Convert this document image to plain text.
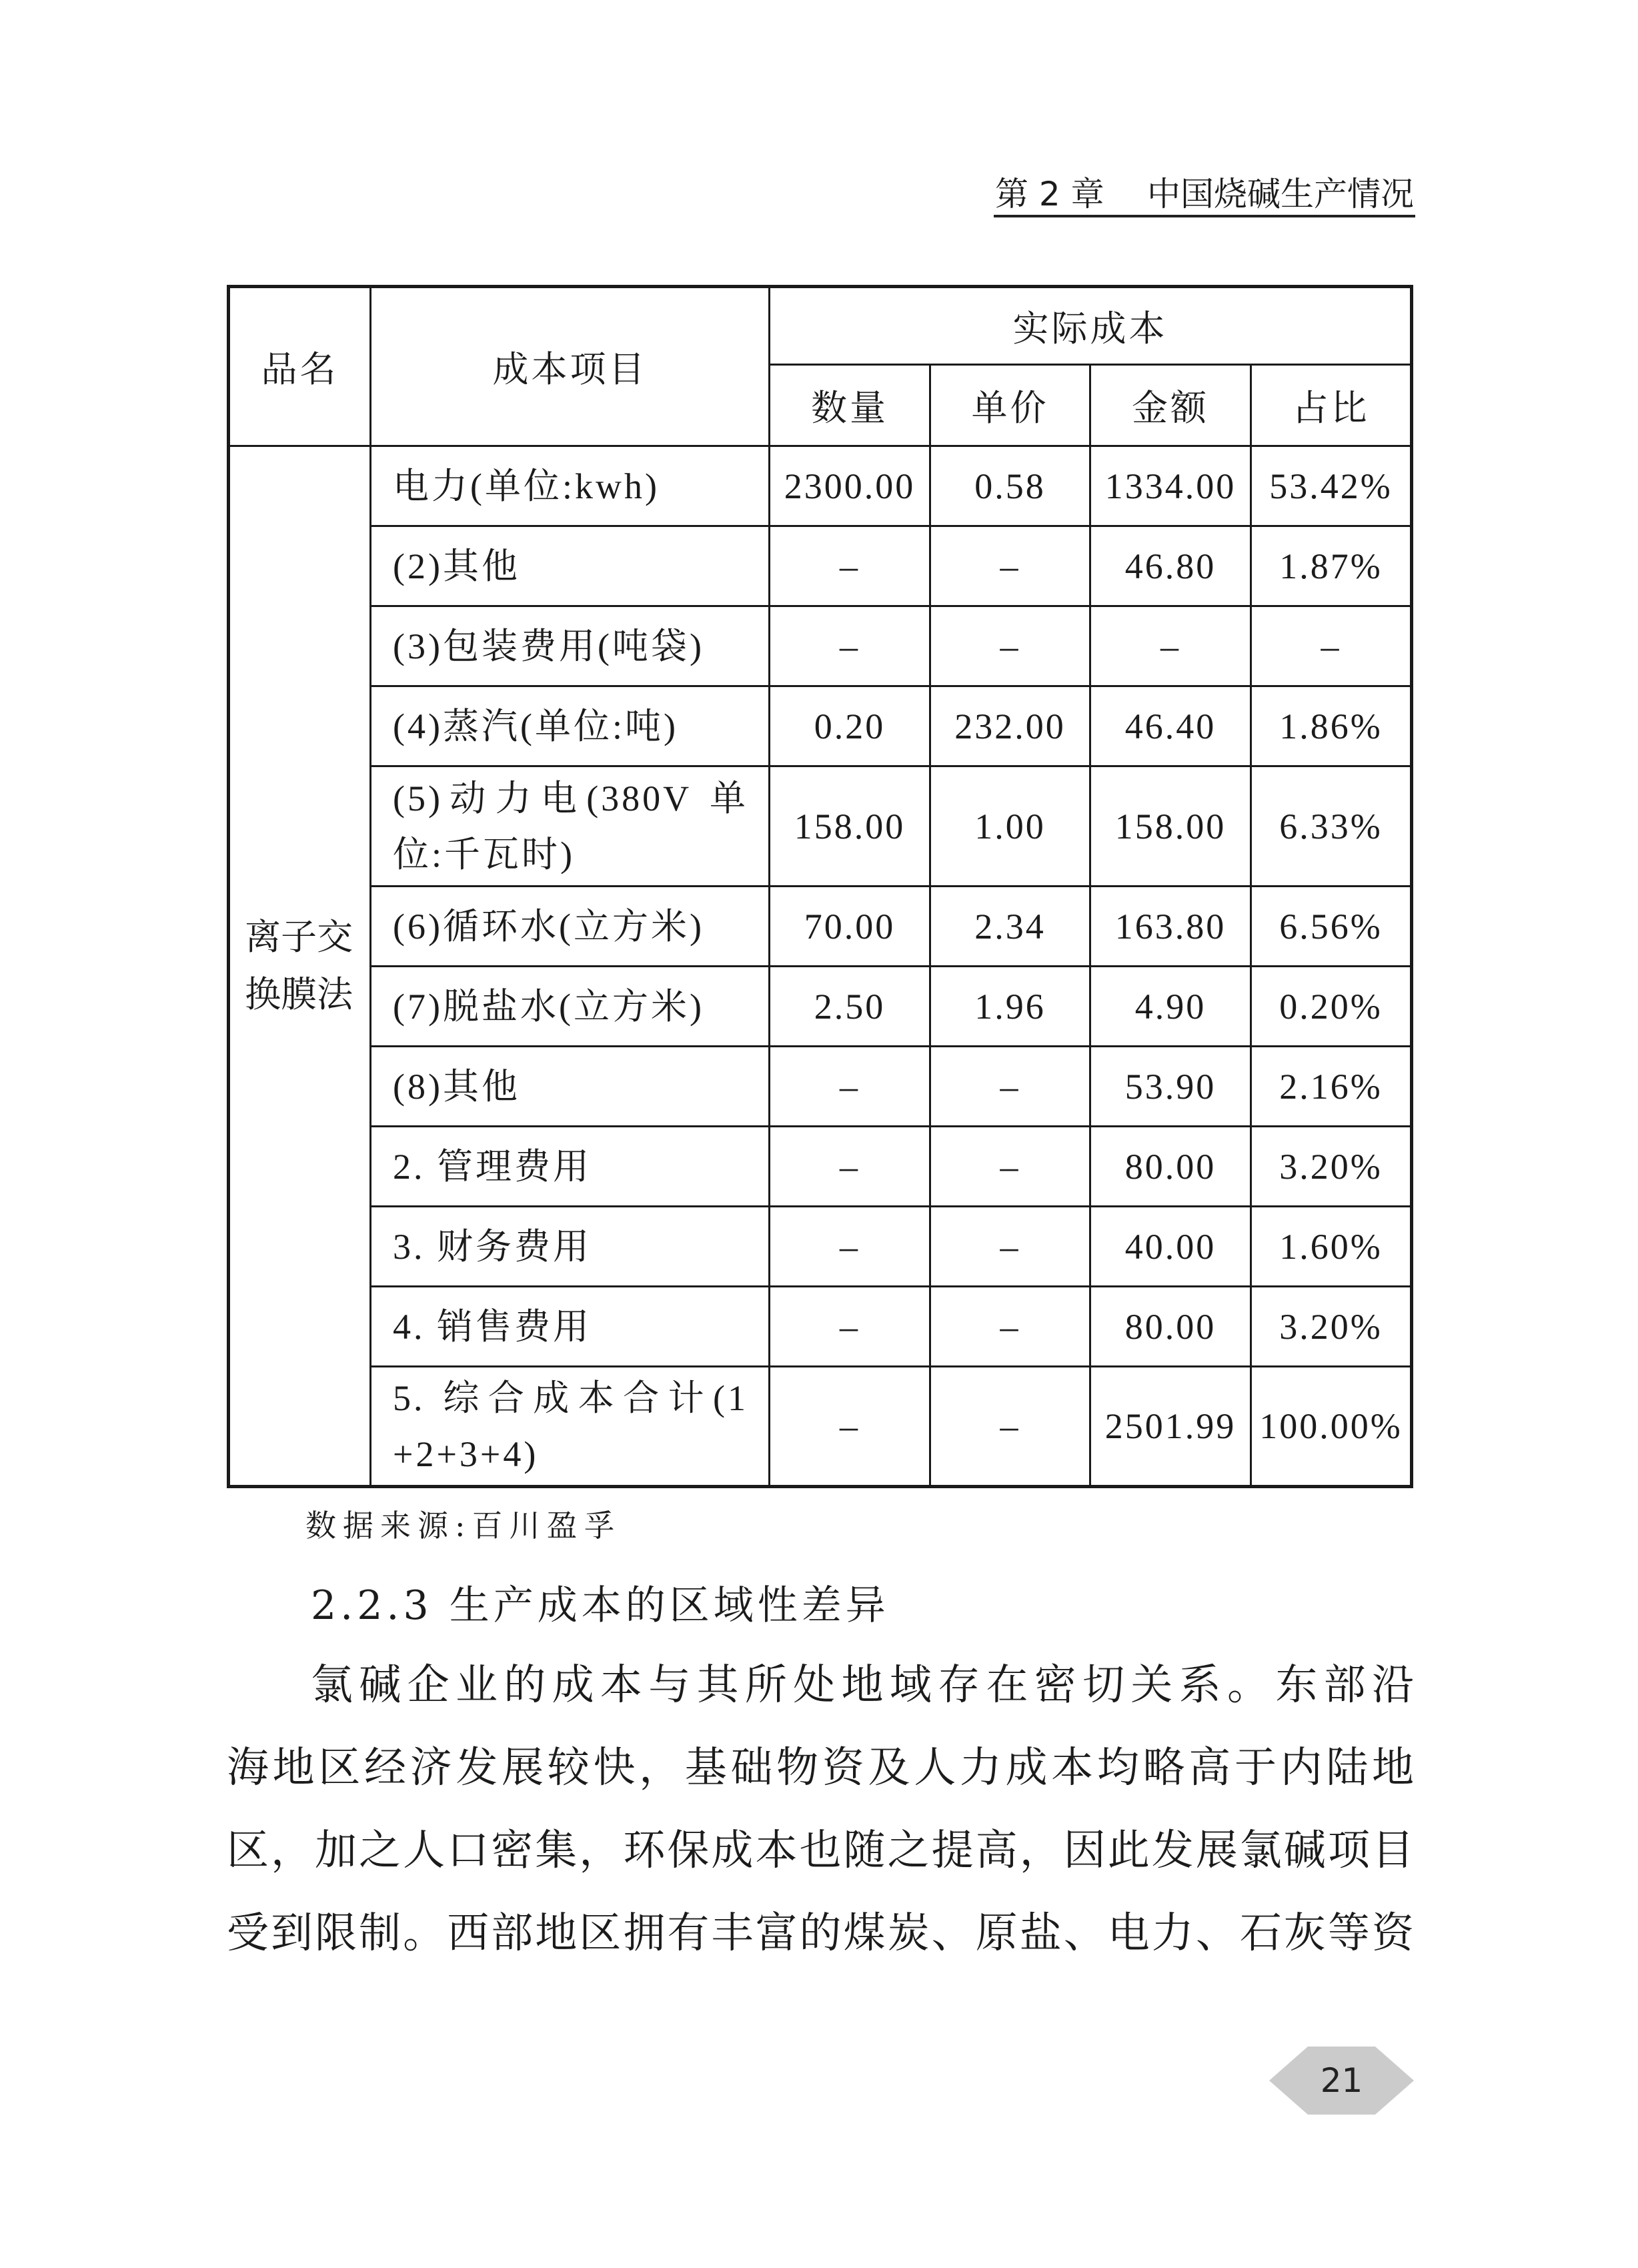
第 2 章 中国烧碱生产情况
品名	成本项目	实际成本			
		数量	单价	金额	占比
离子交换膜法	电力(单位:kwh)	2300.00	0.58	1334.00	53.42%

	(2)其他	–	–	46.80	1.87%

	(3)包装费用(吨袋)	–	–	–	–

	(4)蒸汽(单位:吨)	0.20	232.00	46.40	1.86%

	(5)动力电(380V 单
位:千瓦时)	158.00	1.00	158.00	6.33%

	(6)循环水(立方米)	70.00	2.34	163.80	6.56%

	(7)脱盐水(立方米)	2.50	1.96	4.90	0.20%

	(8)其他	–	–	53.90	2.16%

	2. 管理费用	–	–	80.00	3.20%

	3. 财务费用	–	–	40.00	1.60%

	4. 销售费用	–	–	80.00	3.20%

	5. 综合成本合计(1
+2+3+4)	–	–	2501.99	100.00%
数据来源:百川盈孚
2.2.3 生产成本的区域性差异
氯碱企业的成本与其所处地域存在密切关系。东部沿
海地区经济发展较快，基础物资及人力成本均略高于内陆地
区，加之人口密集，环保成本也随之提高，因此发展氯碱项目
受到限制。西部地区拥有丰富的煤炭、原盐、电力、石灰等资
21
